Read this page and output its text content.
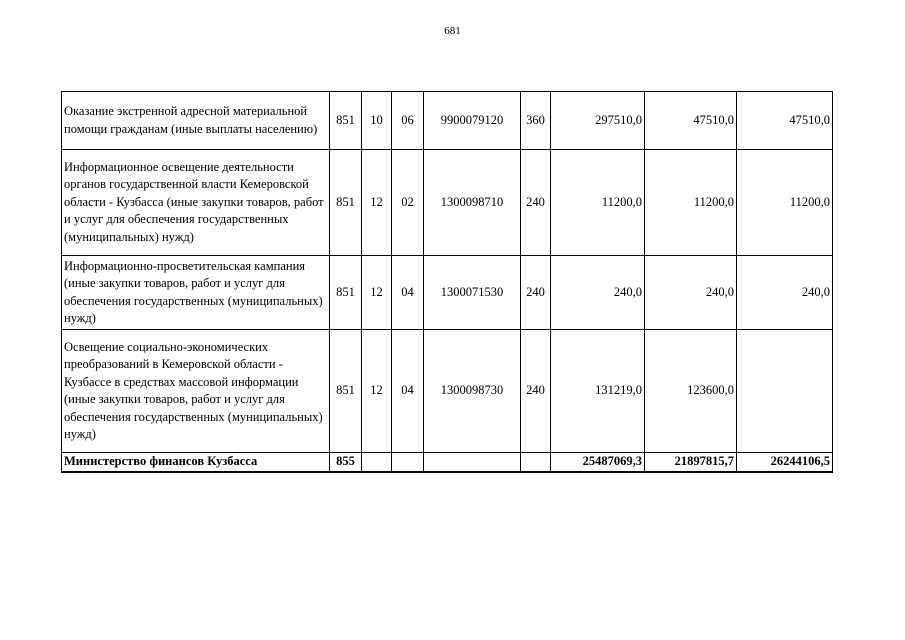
681
Оказание экстренной адресной материальной помощи гражданам (иные выплаты населению)	851	10	06	9900079120	360	297510,0	47510,0	47510,0
Информационное освещение деятельности органов государственной власти Кемеровской области - Кузбасса (иные закупки товаров, работ и услуг для обеспечения государственных (муниципальных) нужд)	851	12	02	1300098710	240	11200,0	11200,0	11200,0
Информационно-просветительская кампания (иные закупки товаров, работ и услуг для обеспечения государственных (муниципальных) нужд)	851	12	04	1300071530	240	240,0	240,0	240,0
Освещение социально-экономических преобразований в Кемеровской области - Кузбассе в средствах массовой информации (иные закупки товаров, работ и услуг для обеспечения государственных (муниципальных) нужд)	851	12	04	1300098730	240	131219,0	123600,0	
Министерство финансов Кузбасса	855					25487069,3	21897815,7	26244106,5
